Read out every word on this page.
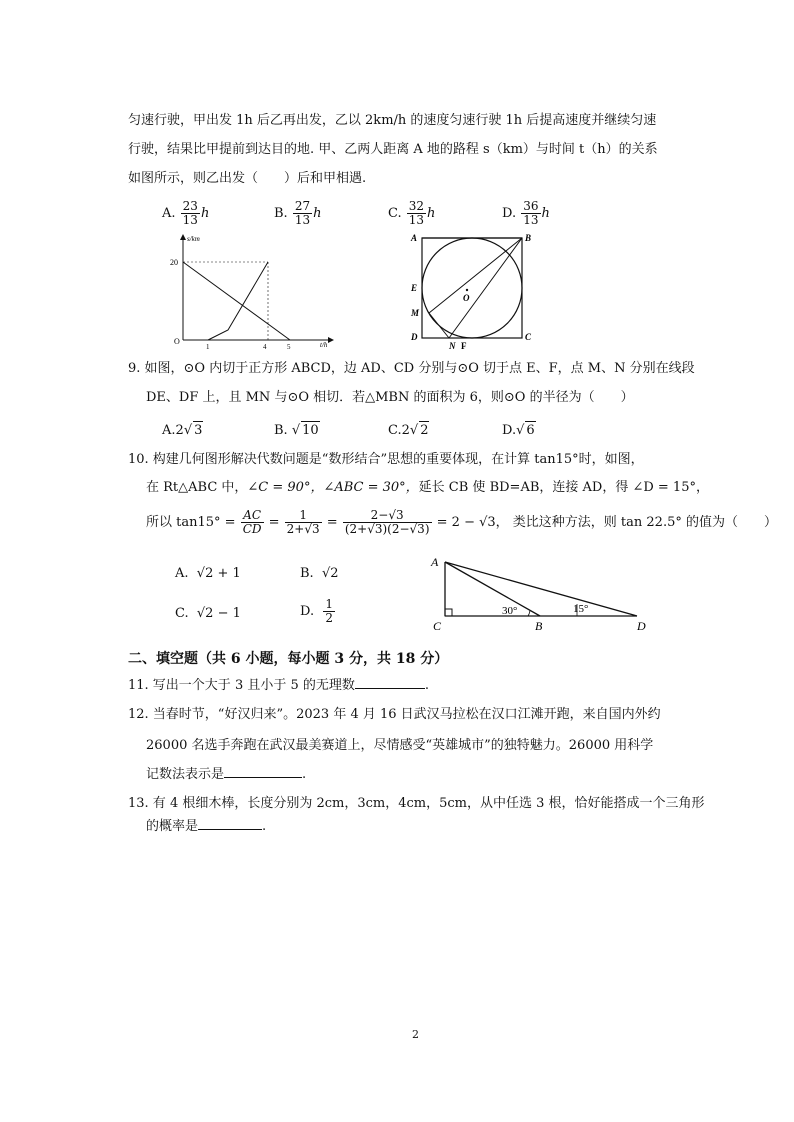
匀速行驶，甲出发 1h 后乙再出发，乙以 2km/h 的速度匀速行驶 1h 后提高速度并继续匀速
行驶，结果比甲提前到达目的地. 甲、乙两人距离 A 地的路程 s（km）与时间 t（h）的关系
如图所示，则乙出发（　　）后和甲相遇.
A. $\frac{23}{13}$ h	B. $\frac{27}{13}$ h	C. $\frac{32}{13}$ h	D. $\frac{36}{13}$ h
s/km
t/h
20
O
1	4	5
A	B
C
D
E
M
N F
O
9. 如图，⊙O 内切于正方形 ABCD，边 AD、CD 分别与⊙O 切于点 E、F，点 M、N 分别在线段
DE、DF 上，且 MN 与⊙O 相切．若△MBN 的面积为 6，则⊙O 的半径为（　　）
A.2√ 3	B. √ 10	C.2√ 2	D.√ 6
10. 构建几何图形解决代数问题是“数形结合”思想的重要体现，在计算 tan15°时，如图，
在 Rt△ABC 中，∠C = 90°，∠ABC = 30°，延长 CB 使 BD=AB，连接 AD，得 ∠D = 15°，
所以 $\tan 15^\circ = \frac{AC}{CD} = \frac{1}{2+√3} = \frac{2-√3}{(2+√3)(2-√3)} = 2 - √3$， 类比这种方法，则 tan 22.5° 的值为（　　）
A. √2 + 1	B. √2
C. √2 − 1	D. $\frac{1}{2}$
A
C	B	D
30°	15°
二、填空题（共 6 小题，每小题 3 分，共 18 分）
11. 写出一个大于 3 且小于 5 的无理数	.
12. 当春时节，“好汉归来”。2023 年 4 月 16 日武汉马拉松在汉口江滩开跑，来自国内外约
26000 名选手奔跑在武汉最美赛道上，尽情感受“英雄城市”的独特魅力。26000 用科学
记数法表示是	.
13. 有 4 根细木棒，长度分别为 2cm，3cm，4cm，5cm，从中任选 3 根，恰好能搭成一个三角形
的概率是	.
2
